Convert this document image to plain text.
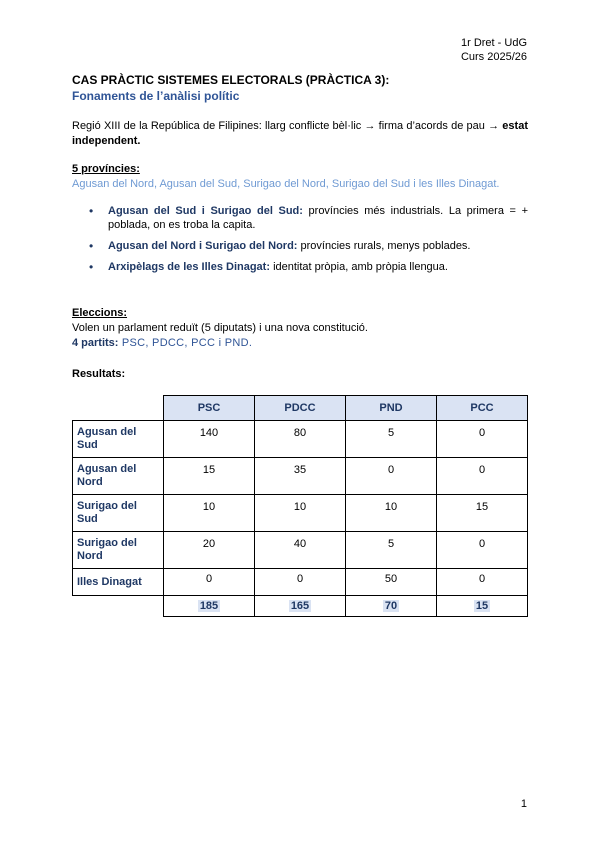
1r Dret - UdG
Curs 2025/26
CAS PRÀCTIC SISTEMES ELECTORALS (PRÀCTICA 3):
Fonaments de l’anàlisi polític
Regió XIII de la República de Filipines: llarg conflicte bèl·lic → firma d’acords de pau → estat independent.
5 províncies:
Agusan del Nord, Agusan del Sud, Surigao del Nord, Surigao del Sud i les Illes Dinagat.
• Agusan del Sud i Surigao del Sud: províncies més industrials. La primera = + poblada, on es troba la capita.
• Agusan del Nord i Surigao del Nord: províncies rurals, menys poblades.
• Arxipèlags de les Illes Dinagat: identitat pròpia, amb pròpia llengua.
Eleccions:
Volen un parlament reduït (5 diputats) i una nova constitució.
4 partits: PSC, PDCC, PCC i PND.
Resultats:
	PSC	PDCC	PND	PCC
Agusan del Sud	140	80	5	0
Agusan del Nord	15	35	0	0
Surigao del Sud	10	10	10	15
Surigao del Nord	20	40	5	0
Illes Dinagat	0	0	50	0
	185	165	70	15
1
